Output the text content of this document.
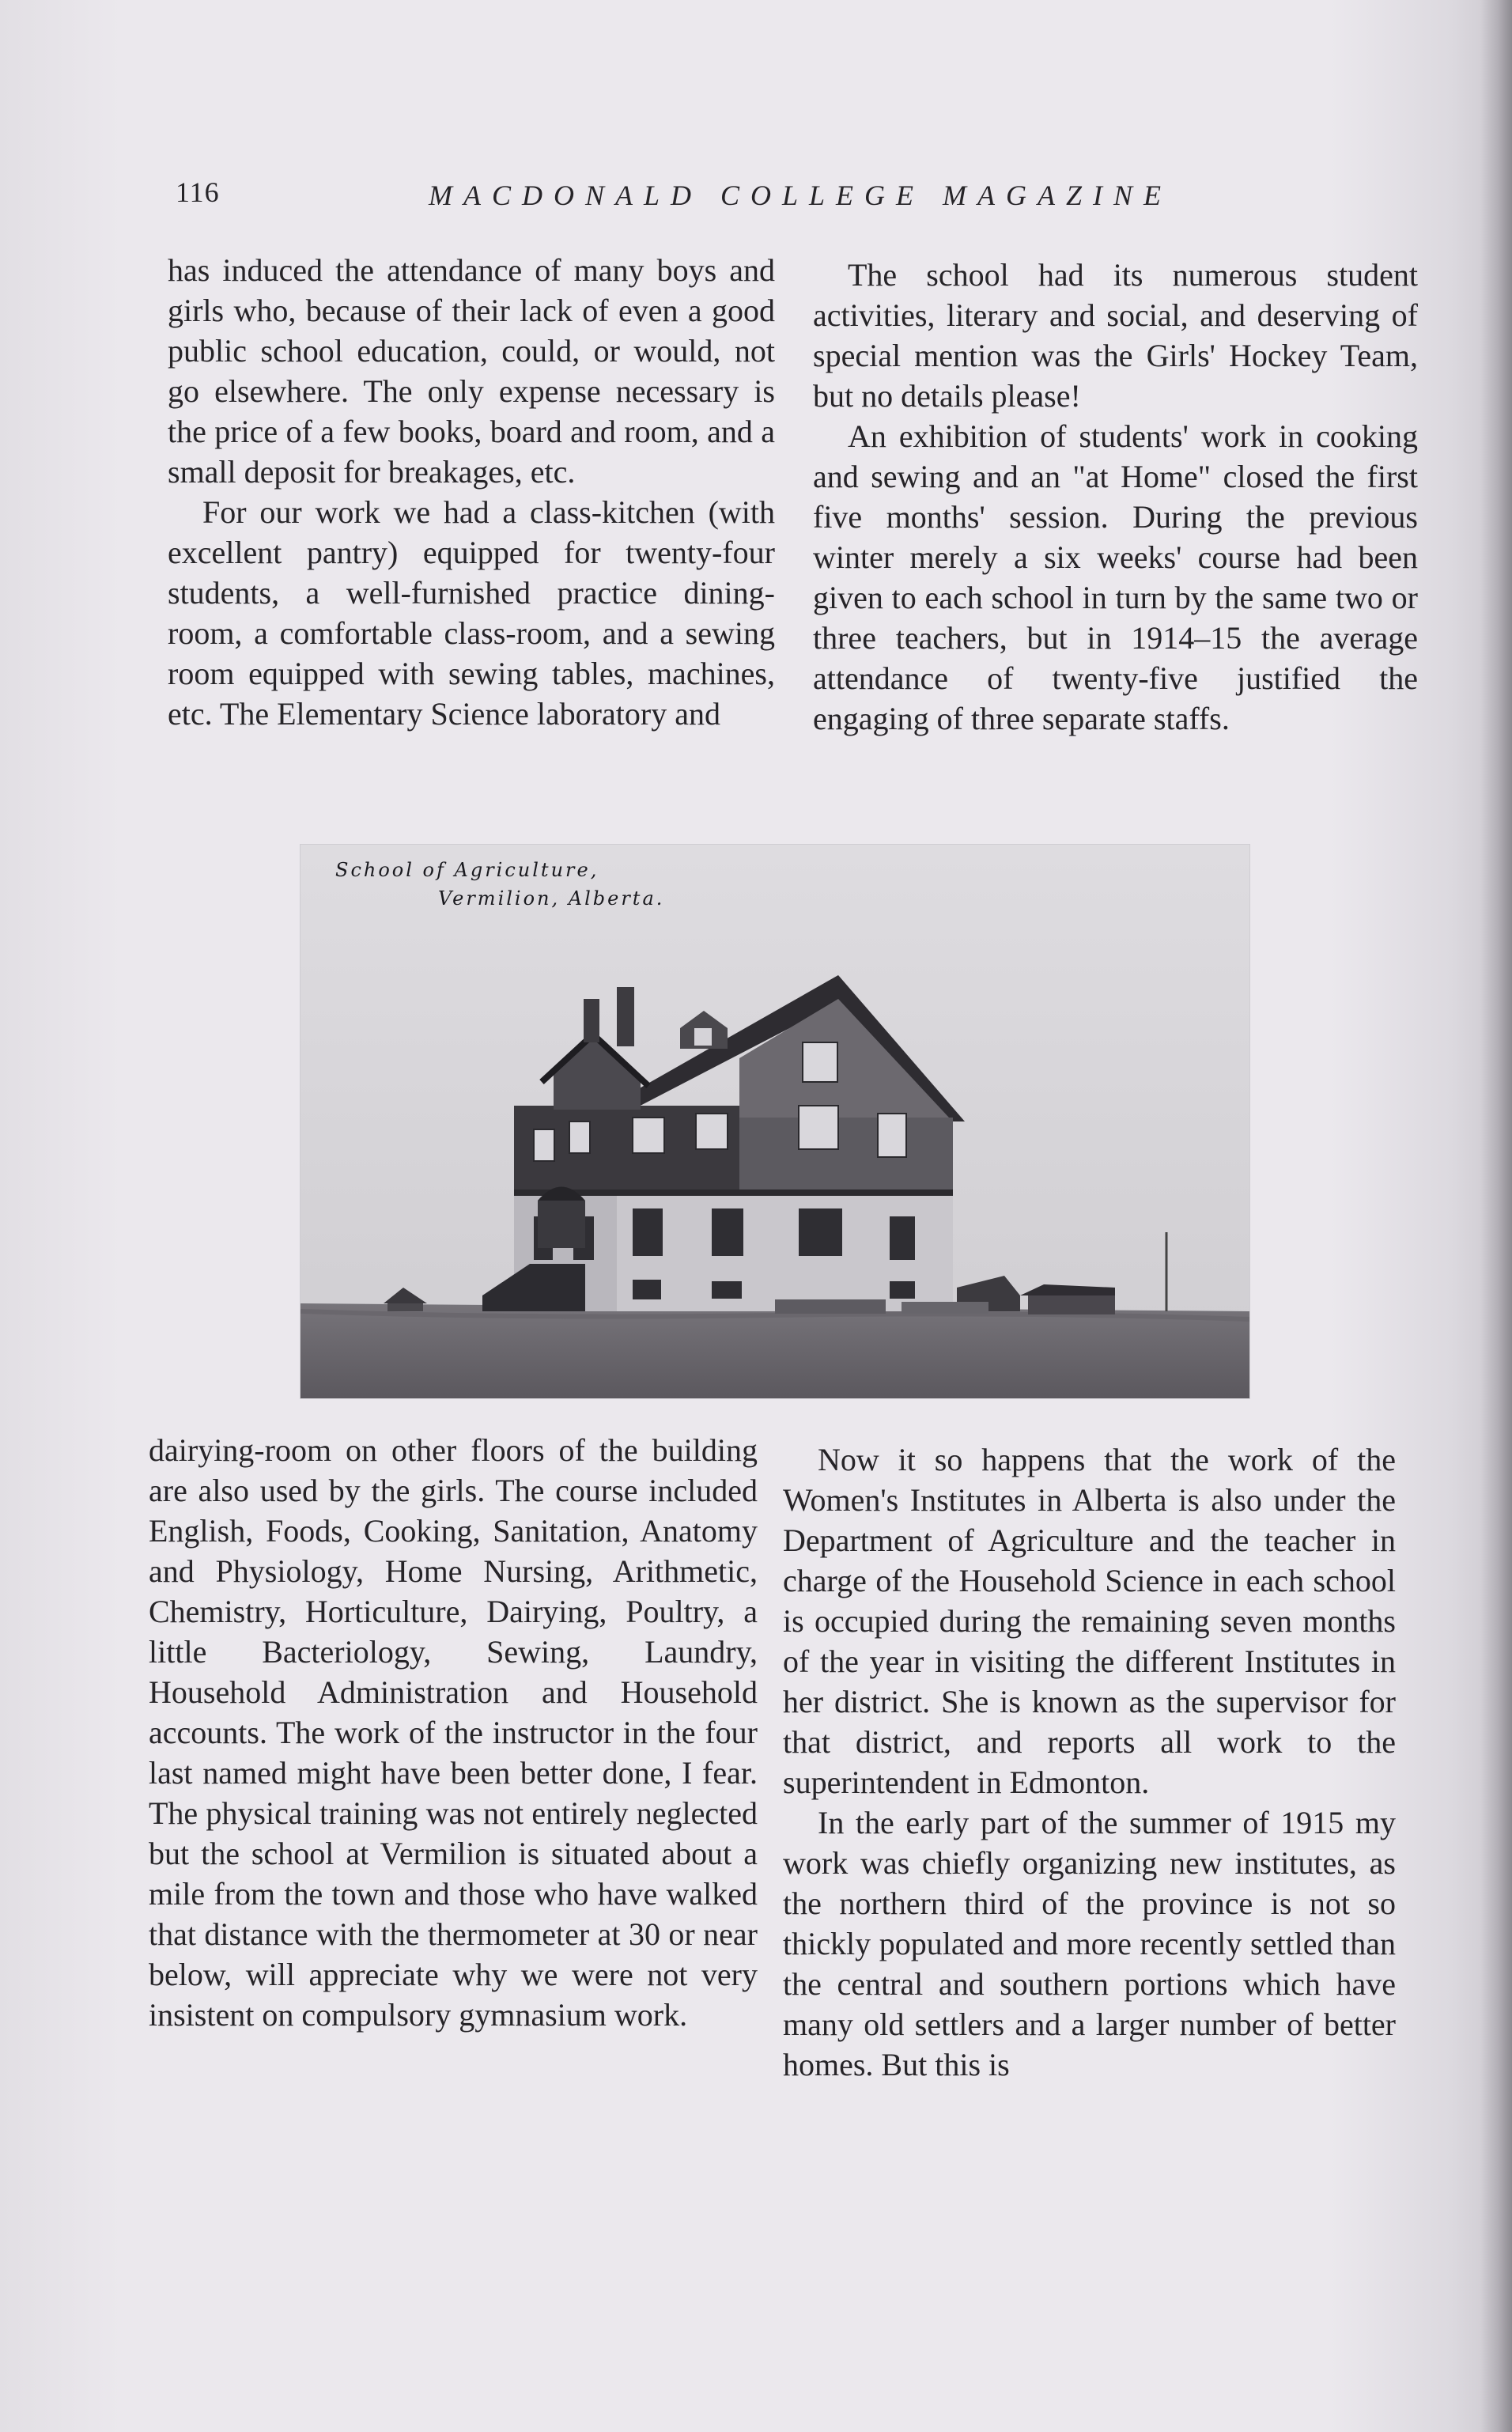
116	MACDONALD COLLEGE MAGAZINE

has induced the attendance of many boys and girls who, because of their lack of even a good public school education, could, or would, not go elsewhere. The only expense necessary is the price of a few books, board and room, and a small deposit for breakages, etc.

For our work we had a class-kitchen (with excellent pantry) equipped for twenty-four students, a well-furnished practice dining-room, a comfortable class-room, and a sewing room equipped with sewing tables, machines, etc. The Elementary Science laboratory and

The school had its numerous student activities, literary and social, and deserving of special mention was the Girls' Hockey Team, but no details please!

An exhibition of students' work in cooking and sewing and an "at Home" closed the first five months' session. During the previous winter merely a six weeks' course had been given to each school in turn by the same two or three teachers, but in 1914–15 the average attendance of twenty-five justified the engaging of three separate staffs.

School of Agriculture,
Vermilion, Alberta.

dairying-room on other floors of the building are also used by the girls. The course included English, Foods, Cooking, Sanitation, Anatomy and Physiology, Home Nursing, Arithmetic, Chemistry, Horticulture, Dairying, Poultry, a little Bacteriology, Sewing, Laundry, Household Administration and Household accounts. The work of the instructor in the four last named might have been better done, I fear. The physical training was not entirely neglected but the school at Vermilion is situated about a mile from the town and those who have walked that distance with the thermometer at 30 or near below, will appreciate why we were not very insistent on compulsory gymnasium work.

Now it so happens that the work of the Women's Institutes in Alberta is also under the Department of Agriculture and the teacher in charge of the Household Science in each school is occupied during the remaining seven months of the year in visiting the different Institutes in her district. She is known as the supervisor for that district, and reports all work to the superintendent in Edmonton.

In the early part of the summer of 1915 my work was chiefly organizing new institutes, as the northern third of the province is not so thickly populated and more recently settled than the central and southern portions which have many old settlers and a larger number of better homes. But this is
